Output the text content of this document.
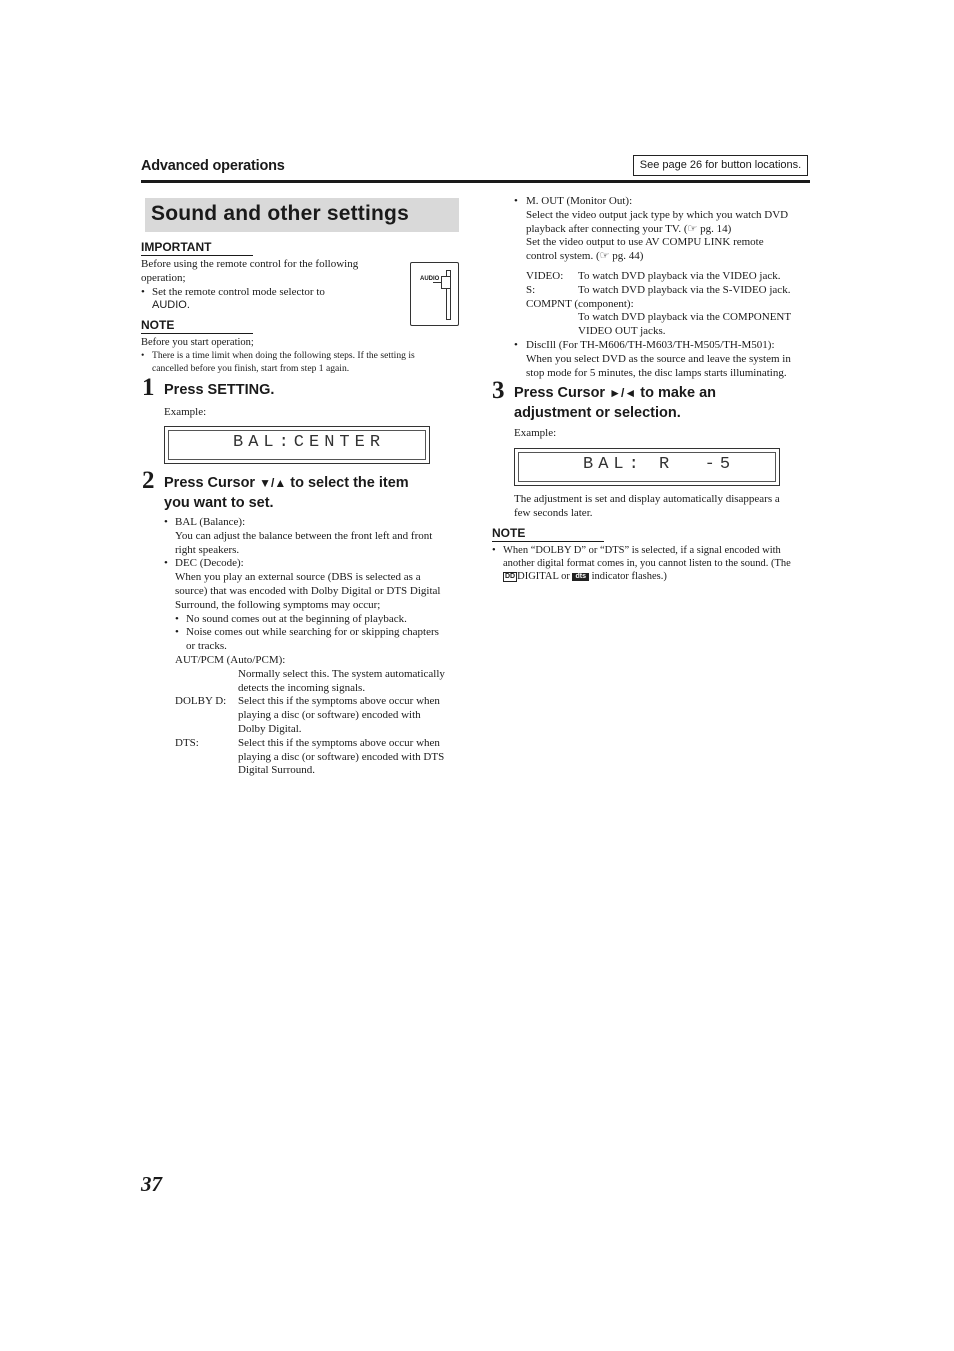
Advanced operations	See page 26 for button locations.
Sound and other settings
IMPORTANT
Before using the remote control for the following
operation;
• Set the remote control mode selector to
AUDIO.
AUDIO
NOTE
Before you start operation;
• There is a time limit when doing the following steps. If the setting is
cancelled before you finish, start from step 1 again.
1 Press SETTING.
Example:
BAL:CENTER
2 Press Cursor ▼/▲ to select the item
you want to set.
• BAL (Balance):
You can adjust the balance between the front left and front
right speakers.
• DEC (Decode):
When you play an external source (DBS is selected as a
source) that was encoded with Dolby Digital or DTS Digital
Surround, the following symptoms may occur;
• No sound comes out at the beginning of playback.
• Noise comes out while searching for or skipping chapters
or tracks.
AUT/PCM (Auto/PCM):
Normally select this. The system automatically
detects the incoming signals.
DOLBY D: Select this if the symptoms above occur when
playing a disc (or software) encoded with
Dolby Digital.
DTS:	Select this if the symptoms above occur when
playing a disc (or software) encoded with DTS
Digital Surround.
• M. OUT (Monitor Out):
Select the video output jack type by which you watch DVD
playback after connecting your TV. (☞ pg. 14)
Set the video output to use AV COMPU LINK remote
control system. (☞ pg. 44)
VIDEO: To watch DVD playback via the VIDEO jack.
S:	To watch DVD playback via the S-VIDEO jack.
COMPNT (component):
To watch DVD playback via the COMPONENT
VIDEO OUT jacks.
• DiscIll (For TH-M606/TH-M603/TH-M505/TH-M501):
When you select DVD as the source and leave the system in
stop mode for 5 minutes, the disc lamps starts illuminating.
3 Press Cursor ►/◄ to make an
adjustment or selection.
Example:
BAL: R  -5
The adjustment is set and display automatically disappears a
few seconds later.
NOTE
• When “DOLBY D” or “DTS” is selected, if a signal encoded with
another digital format comes in, you cannot listen to the sound. (The
DD DIGITAL or dts indicator flashes.)
37
